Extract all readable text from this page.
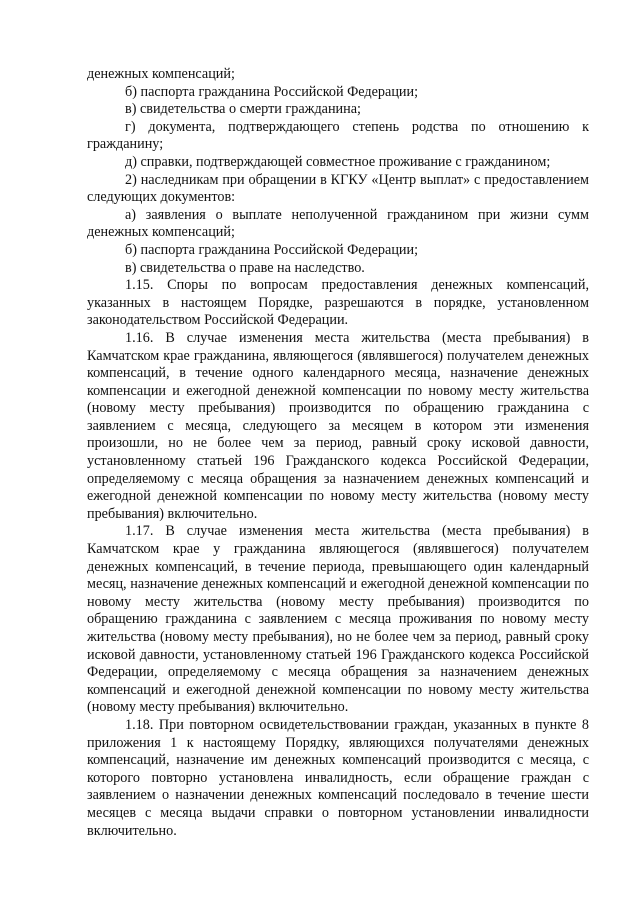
денежных компенсаций;

б) паспорта гражданина Российской Федерации;

в) свидетельства о смерти гражданина;

г) документа, подтверждающего степень родства по отношению к гражданину;

д) справки, подтверждающей совместное проживание с гражданином;

2) наследникам при обращении в КГКУ «Центр выплат» с предоставлением следующих документов:

а) заявления о выплате неполученной гражданином при жизни сумм денежных компенсаций;

б) паспорта гражданина Российской Федерации;

в) свидетельства о праве на наследство.

1.15. Споры по вопросам предоставления денежных компенсаций, указанных в настоящем Порядке, разрешаются в порядке, установленном законодательством Российской Федерации.

1.16. В случае изменения места жительства (места пребывания) в Камчатском крае гражданина, являющегося (являвшегося) получателем денежных компенсаций, в течение одного календарного месяца, назначение денежных компенсации и ежегодной денежной компенсации по новому месту жительства (новому месту пребывания) производится по обращению гражданина с заявлением с месяца, следующего за месяцем в котором эти изменения произошли, но не более чем за период, равный сроку исковой давности, установленному статьей 196 Гражданского кодекса Российской Федерации, определяемому с месяца обращения за назначением денежных компенсаций и ежегодной денежной компенсации по новому месту жительства (новому месту пребывания) включительно.

1.17. В случае изменения места жительства (места пребывания) в Камчатском крае у гражданина являющегося (являвшегося) получателем денежных компенсаций, в течение периода, превышающего один календарный месяц, назначение денежных компенсаций и ежегодной денежной компенсации по новому месту жительства (новому месту пребывания) производится по обращению гражданина с заявлением с месяца проживания по новому месту жительства (новому месту пребывания), но не более чем за период, равный сроку исковой давности, установленному статьей 196 Гражданского кодекса Российской Федерации, определяемому с месяца обращения за назначением денежных компенсаций и ежегодной денежной компенсации по новому месту жительства (новому месту пребывания) включительно.

1.18. При повторном освидетельствовании граждан, указанных в пункте 8 приложения 1 к настоящему Порядку, являющихся получателями денежных компенсаций, назначение им денежных компенсаций производится с месяца, с которого повторно установлена инвалидность, если обращение граждан с заявлением о назначении денежных компенсаций последовало в течение шести месяцев с месяца выдачи справки о повторном установлении инвалидности включительно.
